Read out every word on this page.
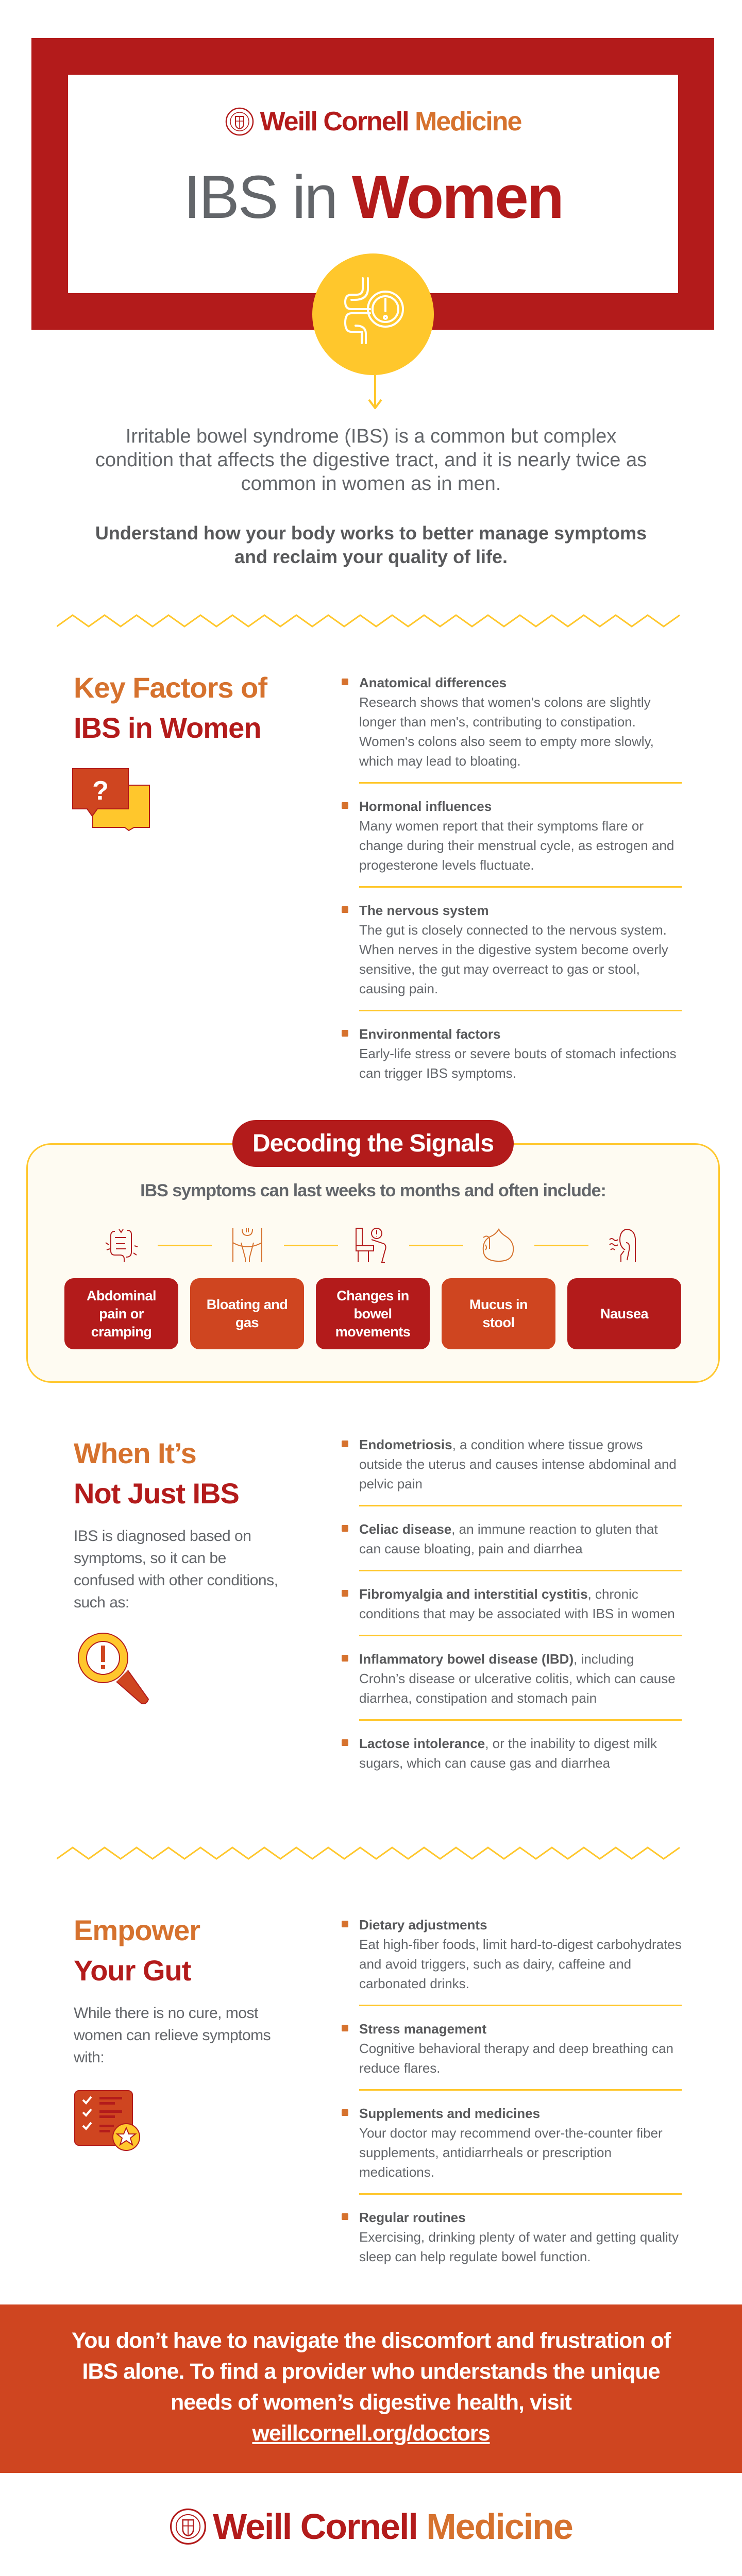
Weill Cornell Medicine
IBS in Women
Irritable bowel syndrome (IBS) is a common but complex condition that affects the digestive tract, and it is nearly twice as common in women as in men.
Understand how your body works to better manage symptoms and reclaim your quality of life.
Key Factors of
IBS in Women
?
Anatomical differences
Research shows that women's colons are slightly longer than men's, contributing to constipation. Women's colons also seem to empty more slowly, which may lead to bloating.
Hormonal influences
Many women report that their symptoms flare or change during their menstrual cycle, as estrogen and progesterone levels fluctuate.
The nervous system
The gut is closely connected to the nervous system. When nerves in the digestive system become overly sensitive, the gut may overreact to gas or stool, causing pain.
Environmental factors
Early-life stress or severe bouts of stomach infections can trigger IBS symptoms.
Decoding the Signals
IBS symptoms can last weeks to months and often include:
Abdominal pain or cramping
Bloating and gas
Changes in bowel movements
Mucus in stool
Nausea
When It’s
Not Just IBS
IBS is diagnosed based on symptoms, so it can be confused with other conditions, such as:
Endometriosis, a condition where tissue grows outside the uterus and causes intense abdominal and pelvic pain
Celiac disease, an immune reaction to gluten that can cause bloating, pain and diarrhea
Fibromyalgia and interstitial cystitis, chronic conditions that may be associated with IBS in women
Inflammatory bowel disease (IBD), including Crohn’s disease or ulcerative colitis, which can cause diarrhea, constipation and stomach pain
Lactose intolerance, or the inability to digest milk sugars, which can cause gas and diarrhea
Empower
Your Gut
While there is no cure, most women can relieve symptoms with:
Dietary adjustments
Eat high-fiber foods, limit hard-to-digest carbohydrates and avoid triggers, such as dairy, caffeine and carbonated drinks.
Stress management
Cognitive behavioral therapy and deep breathing can reduce flares.
Supplements and medicines
Your doctor may recommend over-the-counter fiber supplements, antidiarrheals or prescription medications.
Regular routines
Exercising, drinking plenty of water and getting quality sleep can help regulate bowel function.
You don’t have to navigate the discomfort and frustration of IBS alone. To find a provider who understands the unique needs of women’s digestive health, visit weillcornell.org/doctors
Weill Cornell Medicine
